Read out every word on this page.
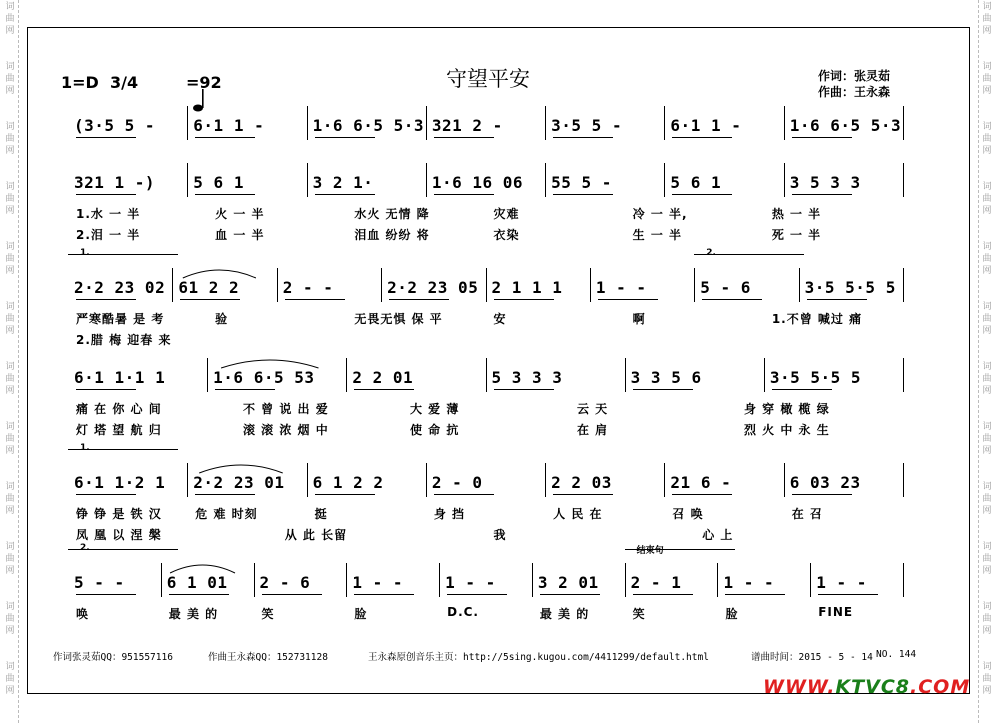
词
曲
网
词
曲
网
词
曲
网
词
曲
网
词
曲
网
词
曲
网
词
曲
网
词
曲
网
词
曲
网
词
曲
网
词
曲
网
词
曲
网
词
曲
网
词
曲
网
词
曲
网
词
曲
网
词
曲
网
词
曲
网
词
曲
网
词
曲
网
词
曲
网
词
曲
网
词
曲
网
词
曲
网
1=D  3/4

	=92	守望平安	作词：张灵茹
作曲：王永森
(3·5 5 - 6·1 1 -	1·6 6·5 5·3 321 2 -	3·5 5 -	6·1 1 -	1·6 6·5 5·3
321 1 -) 5 6 1	3 2 1·	1·6 16 06 55 5 -	5 6 1	3 5 3 3
1.水 一 半	火 一 半	水火 无情 降	灾难	冷 一 半,	热 一 半
2.泪 一 半	血 一 半	泪血 纷纷 将	衣染	生 一 半	死 一 半
2·2 23 02 61 2 2	2 - -	2·2 23 05 2 1 1 1 1 - -	5 - 6	3·5 5·5 5
1.	2.
严寒酷暑 是 考	验	无畏无惧 保 平	安	啊	1.不曾 喊过 痛
2.腊 梅 迎春 来
6·1 1·1 1	1·6 6·5 53 2 2 01	5 3 3 3	3 3 5 6	3·5 5·5 5
痛 在 你 心 间	不 曾 说 出 爱	大 爱 薄	云 天	身 穿 橄 榄 绿
灯 塔 望 航 归	滚 滚 浓 烟 中	使 命 抗	在 肩	烈 火 中 永 生
6·1 1·2 1 2·2 23 01 6 1 2 2	2 - 0	2 2 03	21 6 -	6 03 23
1.
铮 铮 是 铁 汉	危 难 时刻	挺	身 挡	人 民 在	召 唤	在 召
凤 凰 以 涅 槃	从 此 长留	我	心 上
5 - -	6 1 01 2 - 6	1 - -	1 - -	3 2 01 2 - 1	1 - -	1 - -
2.	结束句
唤	最 美 的	笑	脸	D.C.	最 美 的	笑	脸	FINE
作词张灵茹QQ：951557116	作曲王永森QQ：152731128	王永森原创音乐主页：http://5sing.kugou.com/4411299/default.html	谱曲时间：2015 - 5 - 14 NO. 144
WWW.KTVC8.COM
